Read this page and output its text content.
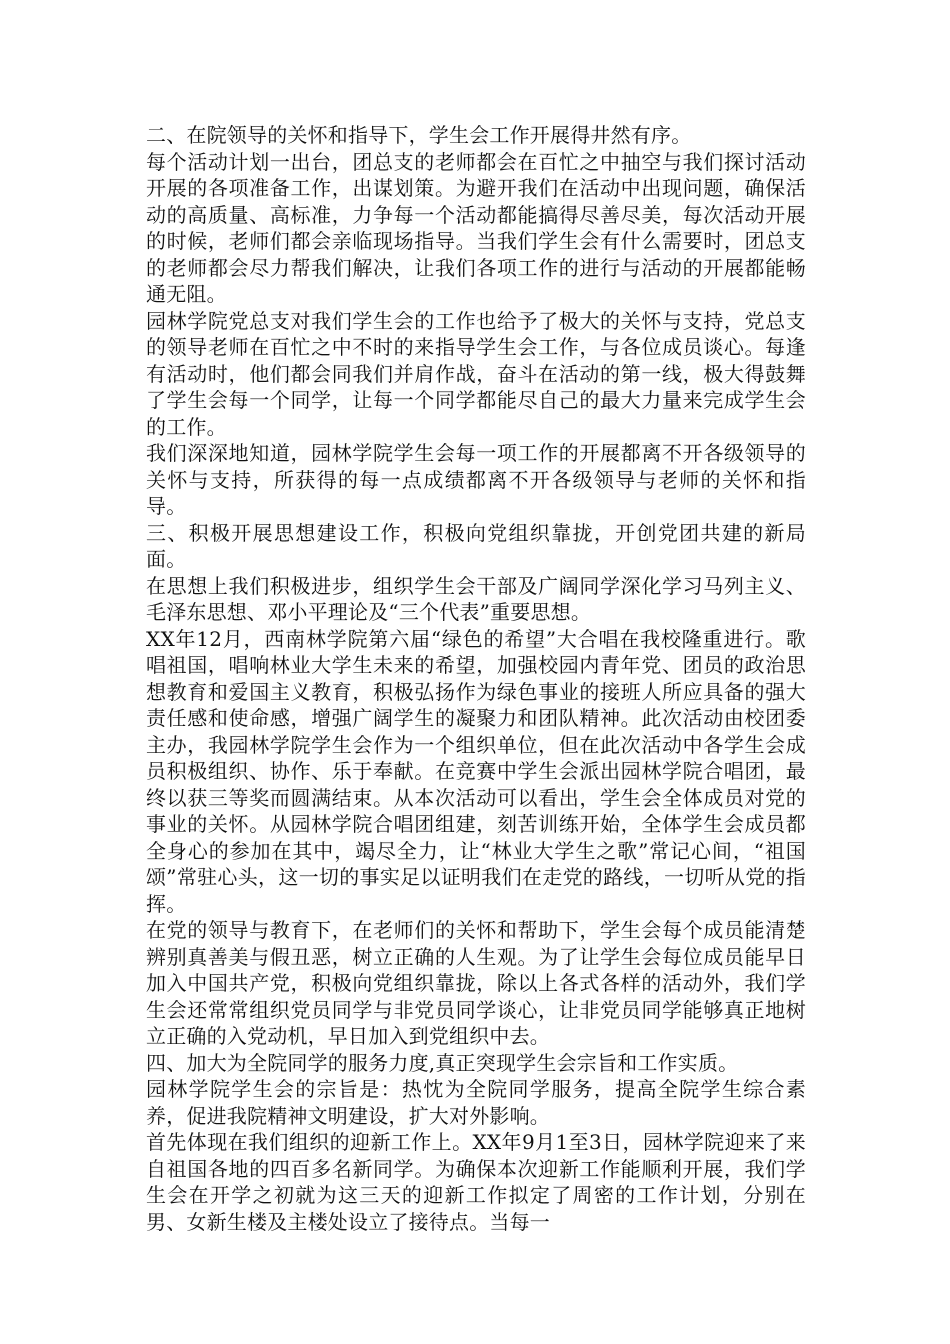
二、在院领导的关怀和指导下，学生会工作开展得井然有序。

每个活动计划一出台，团总支的老师都会在百忙之中抽空与我们探讨活动开展的各项准备工作，出谋划策。为避开我们在活动中出现问题，确保活动的高质量、高标准，力争每一个活动都能搞得尽善尽美，每次活动开展的时候，老师们都会亲临现场指导。当我们学生会有什么需要时，团总支的老师都会尽力帮我们解决，让我们各项工作的进行与活动的开展都能畅通无阻。

园林学院党总支对我们学生会的工作也给予了极大的关怀与支持，党总支的领导老师在百忙之中不时的来指导学生会工作，与各位成员谈心。每逢有活动时，他们都会同我们并肩作战，奋斗在活动的第一线，极大得鼓舞了学生会每一个同学，让每一个同学都能尽自己的最大力量来完成学生会的工作。

我们深深地知道，园林学院学生会每一项工作的开展都离不开各级领导的关怀与支持，所获得的每一点成绩都离不开各级领导与老师的关怀和指导。

三、积极开展思想建设工作，积极向党组织靠拢，开创党团共建的新局面。

在思想上我们积极进步，组织学生会干部及广阔同学深化学习马列主义、毛泽东思想、邓小平理论及“三个代表”重要思想。

XX年12月，西南林学院第六届“绿色的希望”大合唱在我校隆重进行。歌唱祖国，唱响林业大学生未来的希望，加强校园内青年党、团员的政治思想教育和爱国主义教育，积极弘扬作为绿色事业的接班人所应具备的强大责任感和使命感，增强广阔学生的凝聚力和团队精神。此次活动由校团委主办，我园林学院学生会作为一个组织单位，但在此次活动中各学生会成员积极组织、协作、乐于奉献。在竞赛中学生会派出园林学院合唱团，最终以获三等奖而圆满结束。从本次活动可以看出，学生会全体成员对党的事业的关怀。从园林学院合唱团组建，刻苦训练开始，全体学生会成员都全身心的参加在其中，竭尽全力，让“林业大学生之歌”常记心间，“祖国颂”常驻心头，这一切的事实足以证明我们在走党的路线，一切听从党的指挥。

在党的领导与教育下，在老师们的关怀和帮助下，学生会每个成员能清楚辨别真善美与假丑恶，树立正确的人生观。为了让学生会每位成员能早日加入中国共产党，积极向党组织靠拢，除以上各式各样的活动外，我们学生会还常常组织党员同学与非党员同学谈心，让非党员同学能够真正地树立正确的入党动机，早日加入到党组织中去。

四、加大为全院同学的服务力度,真正突现学生会宗旨和工作实质。

园林学院学生会的宗旨是：热忱为全院同学服务，提高全院学生综合素养，促进我院精神文明建设，扩大对外影响。

首先体现在我们组织的迎新工作上。XX年9月1至3日，园林学院迎来了来自祖国各地的四百多名新同学。为确保本次迎新工作能顺利开展，我们学生会在开学之初就为这三天的迎新工作拟定了周密的工作计划，分别在男、女新生楼及主楼处设立了接待点。当每一
